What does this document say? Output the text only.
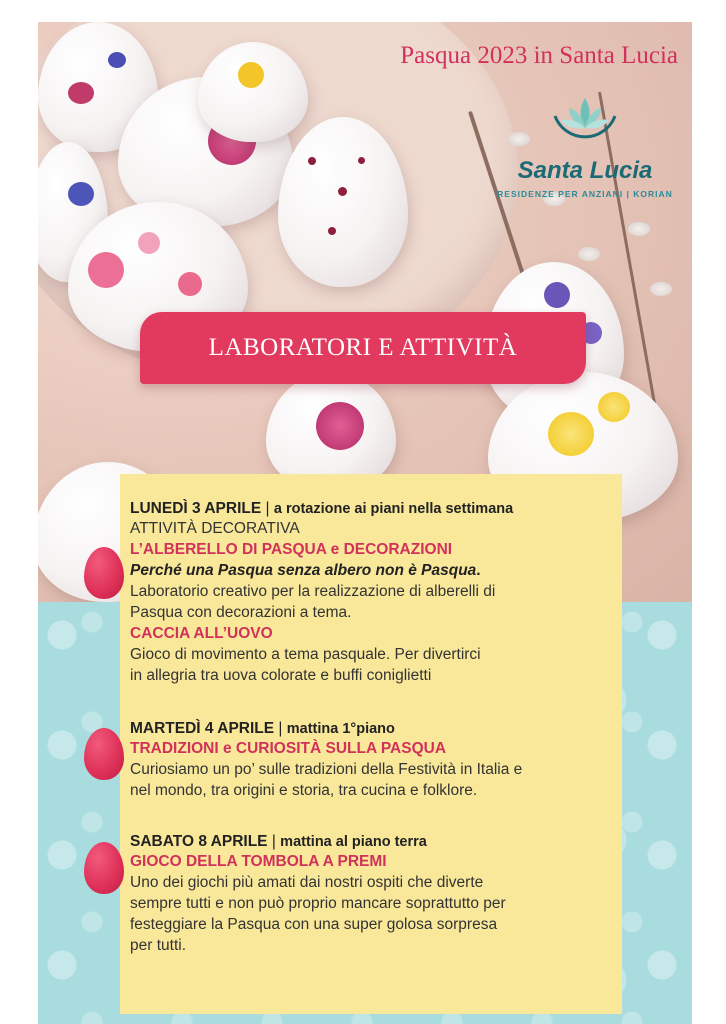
Pasqua 2023 in Santa Lucia
Santa Lucia
RESIDENZE PER ANZIANI | KORIAN
LABORATORI E ATTIVITÀ
LUNEDÌ 3 APRILE | a rotazione ai piani nella settimana
ATTIVITÀ DECORATIVA
L’ALBERELLO DI PASQUA e DECORAZIONI
Perché una Pasqua senza albero non è Pasqua.
Laboratorio creativo per la realizzazione di alberelli di
Pasqua con decorazioni a tema.
CACCIA ALL’UOVO
Gioco di movimento a tema pasquale. Per divertirci
in allegria tra uova colorate e buffi coniglietti
MARTEDÌ 4 APRILE | mattina 1°piano
TRADIZIONI e CURIOSITÀ SULLA PASQUA
Curiosiamo un po’ sulle tradizioni della Festività in Italia e
nel mondo, tra origini e storia, tra cucina e folklore.
SABATO 8 APRILE | mattina al piano terra
GIOCO DELLA TOMBOLA A PREMI
Uno dei giochi più amati dai nostri ospiti che diverte
sempre tutti e non può proprio mancare soprattutto per
festeggiare la Pasqua con una super golosa sorpresa
per tutti.
